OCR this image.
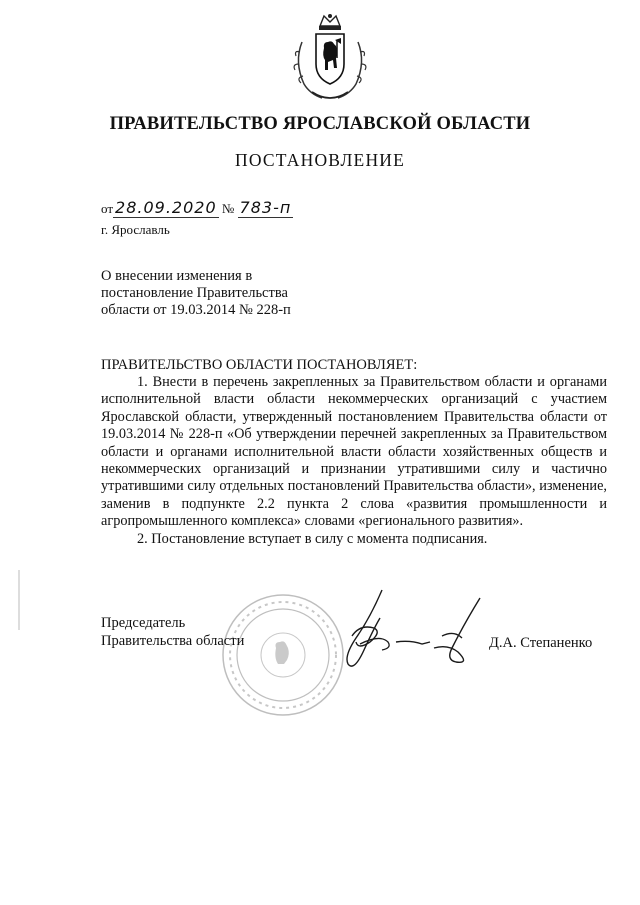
ПРАВИТЕЛЬСТВО ЯРОСЛАВСКОЙ ОБЛАСТИ
ПОСТАНОВЛЕНИЕ
от 28.09.2020 № 783-п
г. Ярославль
О внесении изменения в
постановление Правительства
области от 19.03.2014 № 228-п
ПРАВИТЕЛЬСТВО ОБЛАСТИ ПОСТАНОВЛЯЕТ:

1. Внести в перечень закрепленных за Правительством области и органами исполнительной власти области некоммерческих организаций с участием Ярославской области, утвержденный постановлением Правительства области от 19.03.2014 № 228-п «Об утверждении перечней закрепленных за Правительством области и органами исполнительной власти области хозяйственных обществ и некоммерческих организаций и признании утратившими силу и частично утратившими силу отдельных постановлений Правительства области», изменение, заменив в подпункте 2.2 пункта 2 слова «развития промышленности и агропромышленного комплекса» словами «регионального развития».

2. Постановление вступает в силу с момента подписания.

Председатель
Правительства области	Д.А. Степаненко
